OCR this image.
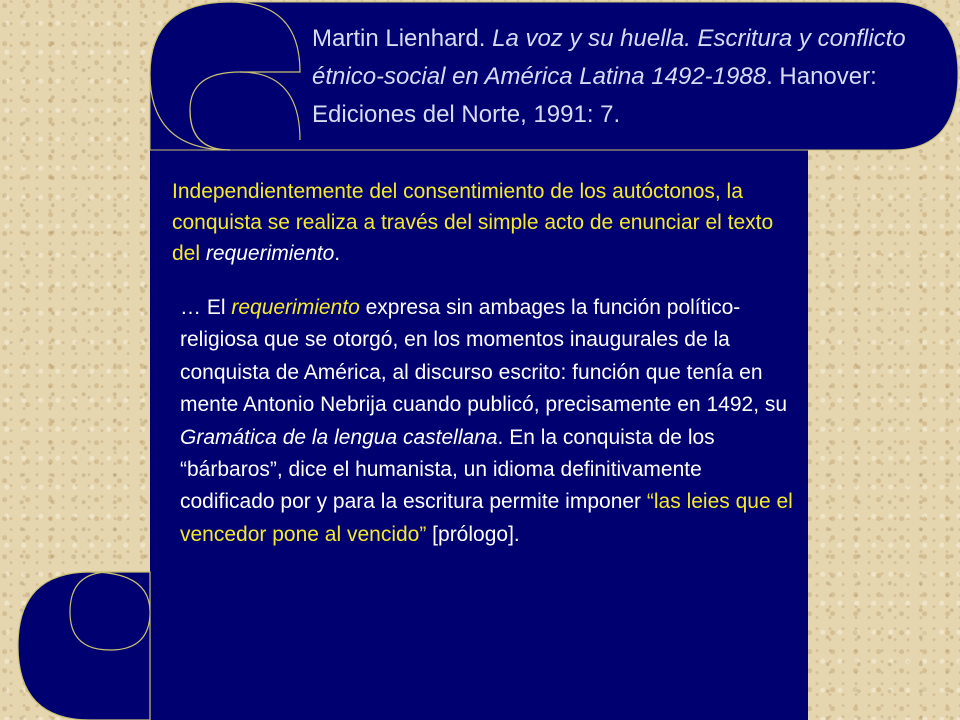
Martin Lienhard. La voz y su huella. Escritura y conflicto étnico-social en América Latina 1492-1988. Hanover: Ediciones del Norte, 1991: 7.
Independientemente del consentimiento de los autóctonos, la conquista se realiza a través del simple acto de enunciar el texto del requerimiento.
… El requerimiento expresa sin ambages la función político-religiosa que se otorgó, en los momentos inaugurales de la conquista de América, al discurso escrito: función que tenía en mente Antonio Nebrija cuando publicó, precisamente en 1492, su Gramática de la lengua castellana. En la conquista de los “bárbaros”, dice el humanista, un idioma definitivamente codificado por y para la escritura permite imponer “las leies que el vencedor pone al vencido” [prólogo].
